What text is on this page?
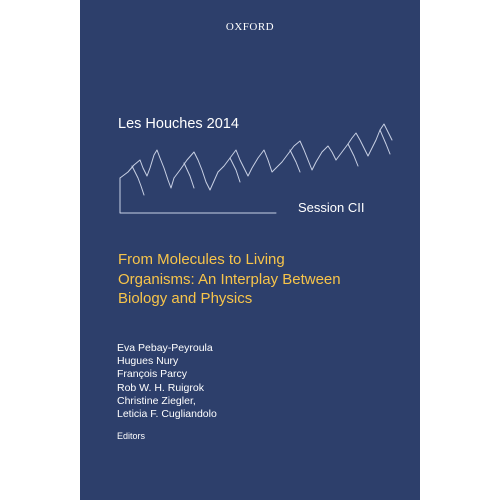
OXFORD
Les Houches 2014
Session CII
From Molecules to Living
Organisms: An Interplay Between
Biology and Physics
Eva Pebay-Peyroula
Hugues Nury
François Parcy
Rob W. H. Ruigrok
Christine Ziegler,
Leticia F. Cugliandolo
Editors
